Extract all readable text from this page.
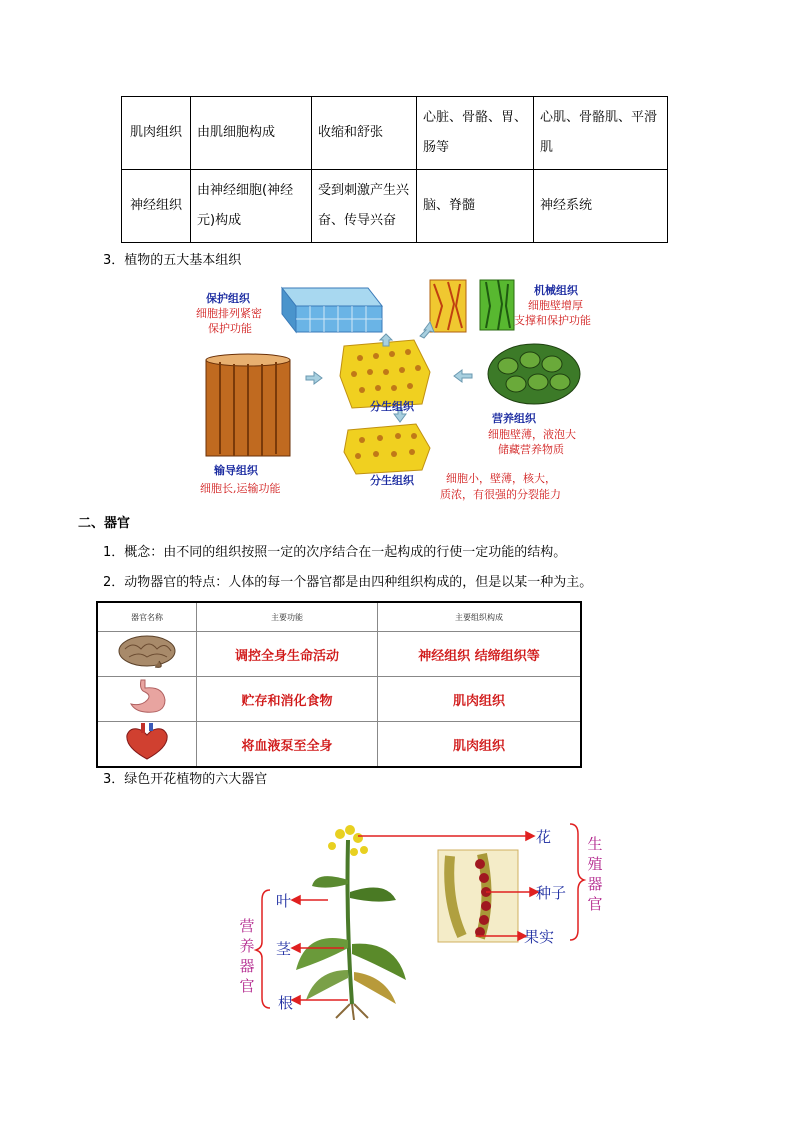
肌肉组织	由肌细胞构成	收缩和舒张	心脏、骨骼、胃、肠等	心肌、骨骼肌、平滑肌
神经组织	由神经细胞(神经元)构成	受到刺激产生兴奋、传导兴奋	脑、脊髓	神经系统
3．植物的五大基本组织
保护组织
细胞排列紧密
保护功能
机械组织
细胞壁增厚
支撑和保护功能
分生组织
分生组织
营养组织
细胞壁薄，液泡大
储藏营养物质
输导组织
细胞长,运输功能
细胞小，壁薄，核大，
质浓，有很强的分裂能力
二、器官
1．概念：由不同的组织按照一定的次序结合在一起构成的行使一定功能的结构。
2．动物器官的特点：人体的每一个器官都是由四种组织构成的，但是以某一种为主。
器官名称	主要功能	主要组织构成
	调控全身生命活动	神经组织 结缔组织等
	贮存和消化食物	肌肉组织
	将血液泵至全身	肌肉组织
3．绿色开花植物的六大器官
花
种子
果实
叶
茎
根
生
殖
器
官
营
养
器
官
